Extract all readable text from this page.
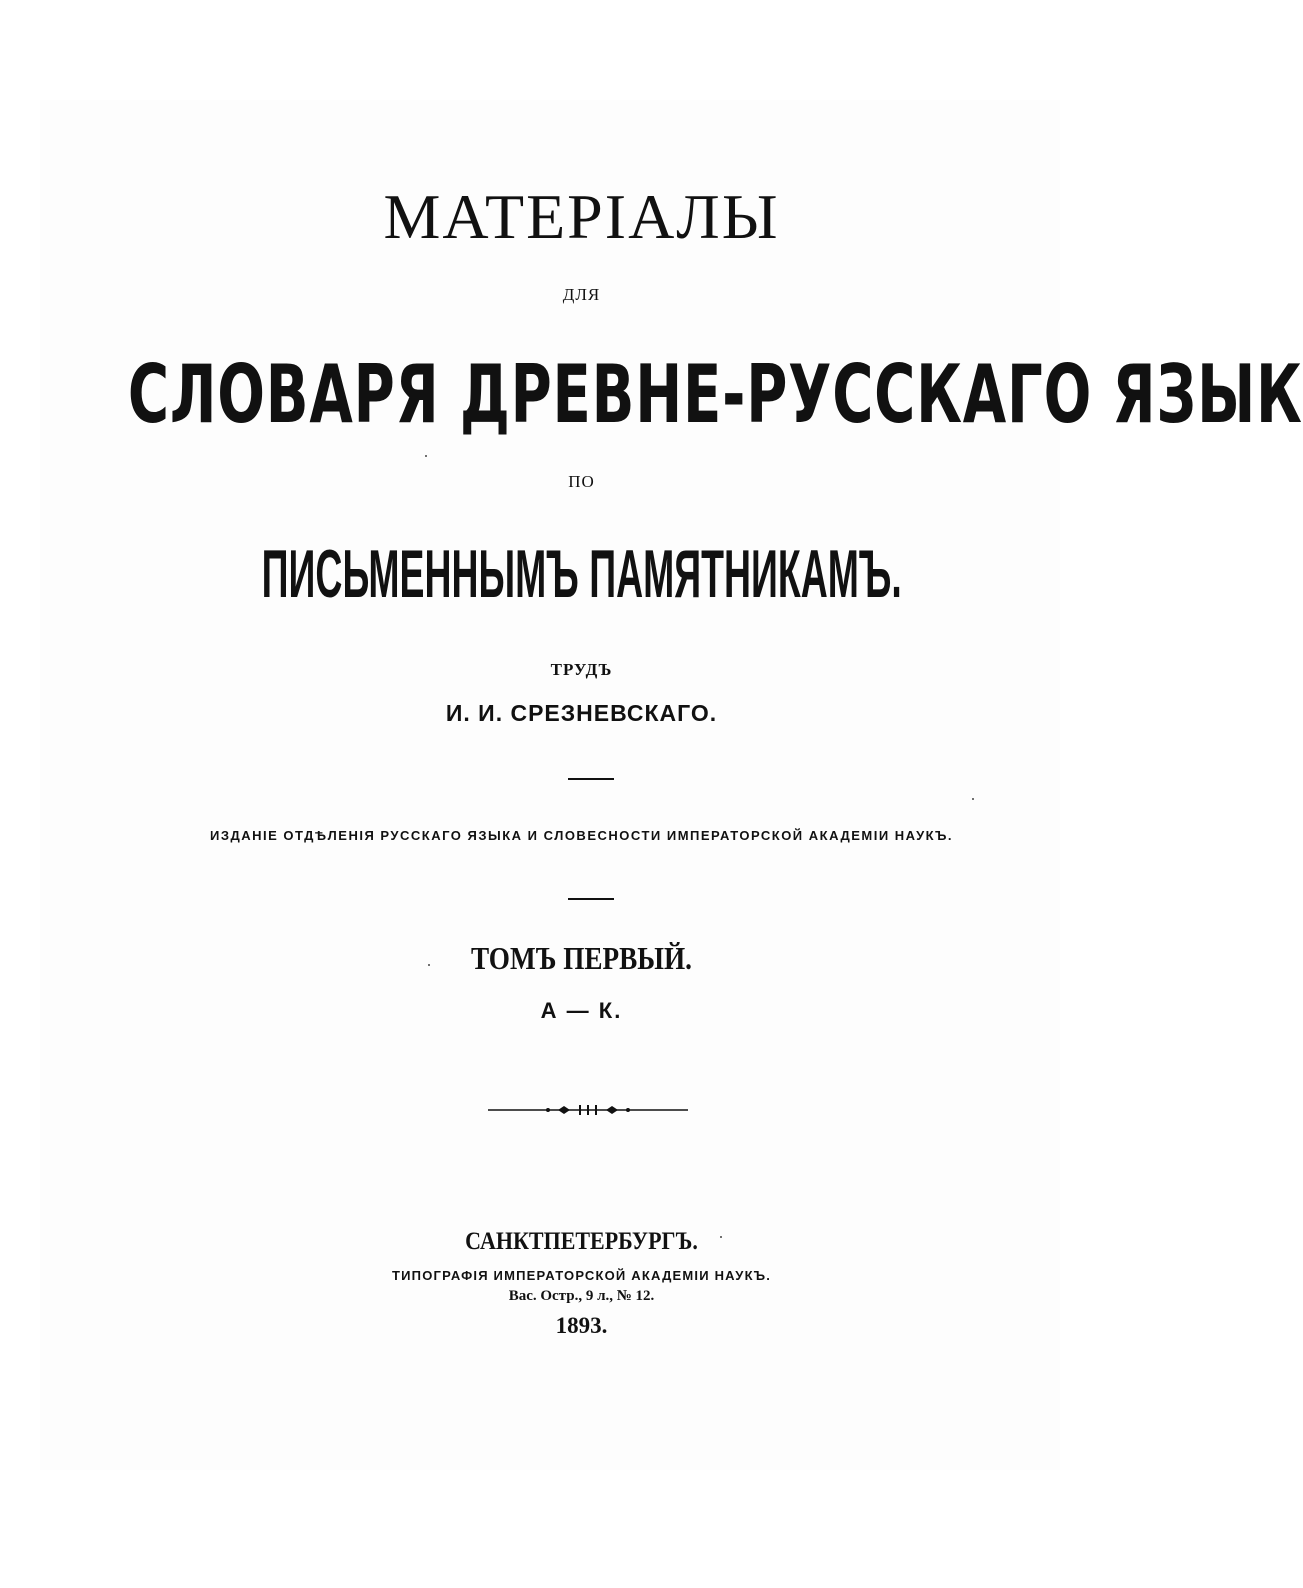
МАТЕРІАЛЫ
ДЛЯ
СЛОВАРЯ ДРЕВНЕ-РУССКАГО ЯЗЫК
ПО
ПИСЬМЕННЫМЪ ПАМЯТНИКАМЪ.
ТРУДЪ
И. И. СРЕЗНЕВСКАГО.
ИЗДАНІЕ ОТДѢЛЕНІЯ РУССКАГО ЯЗЫКА И СЛОВЕСНОСТИ ИМПЕРАТОРСКОЙ АКАДЕМІИ НАУКЪ.
ТОМЪ ПЕРВЫЙ.
А — К.
САНКТПЕТЕРБУРГЪ.
ТИПОГРАФІЯ ИМПЕРАТОРСКОЙ АКАДЕМІИ НАУКЪ.
Вас. Остр., 9 л., № 12.
1893.
